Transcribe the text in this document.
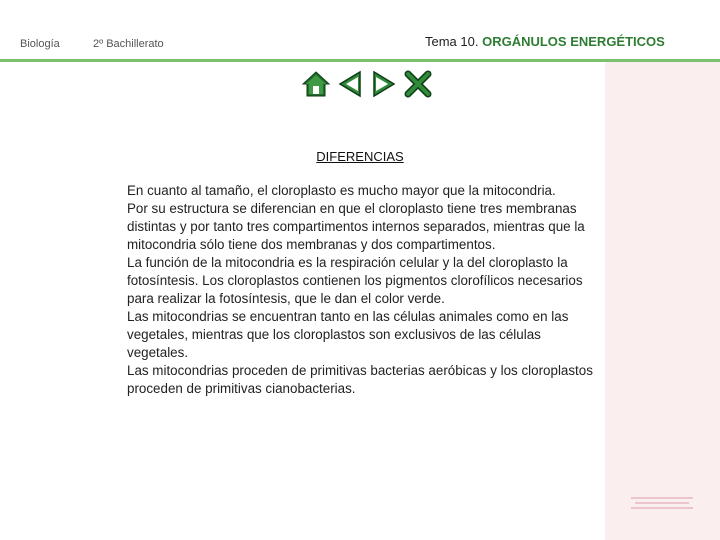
Biología	2º Bachillerato	Tema 10. ORGÁNULOS ENERGÉTICOS
DIFERENCIAS

En cuanto al tamaño, el cloroplasto es mucho mayor que la mitocondria.

Por su estructura se diferencian en que el cloroplasto tiene tres membranas distintas y por tanto tres compartimentos internos separados, mientras que la mitocondria sólo tiene dos membranas y dos compartimentos.

La función de la mitocondria es la respiración celular y la del cloroplasto la fotosíntesis. Los cloroplastos contienen los pigmentos clorofílicos necesarios para realizar la fotosíntesis, que le dan el color verde.

Las mitocondrias se encuentran tanto en las células animales como en las vegetales, mientras que los cloroplastos son exclusivos de las células vegetales.

Las mitocondrias proceden de primitivas bacterias aeróbicas y los cloroplastos proceden de primitivas cianobacterias.
